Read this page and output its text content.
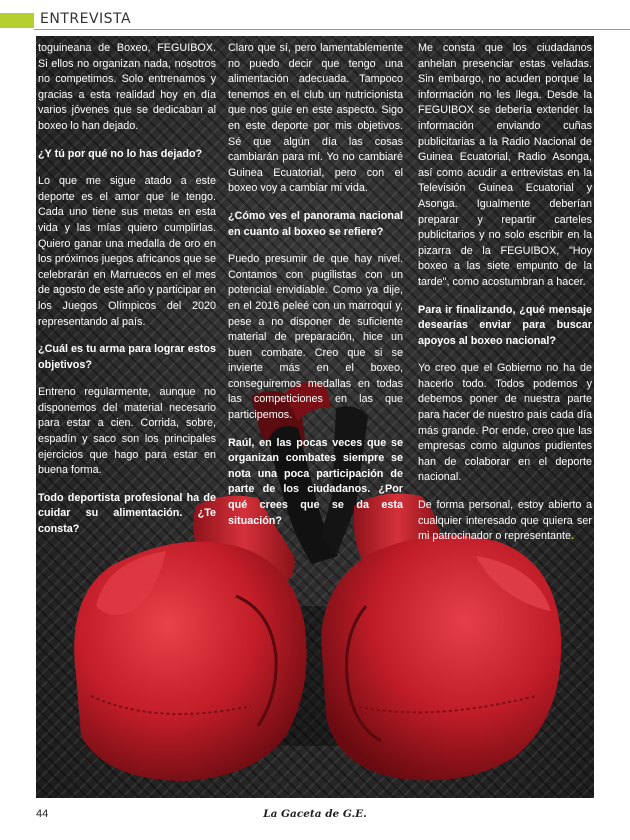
ENTREVISTA

toguineana de Boxeo, FEGUIBOX. Si ellos no organizan nada, nosotros no competimos. Solo entrenamos y gracias a esta realidad hoy en día varios jóvenes que se dedicaban al boxeo lo han dejado.

¿Y tú por qué no lo has dejado?

Lo que me sigue atado a este deporte es el amor que le tengo. Cada uno tiene sus metas en esta vida y las mías quiero cumplirlas. Quiero ganar una medalla de oro en los próximos juegos africanos que se celebrarán en Marruecos en el mes de agosto de este año y participar en los Juegos Olímpicos del 2020 representando al país.

¿Cuál es tu arma para lograr estos objetivos?

Entreno regularmente, aunque no disponemos del material necesario para estar a cien. Corrida, sobre, espadín y saco son los principales ejercicios que hago para estar en buena forma.

Todo deportista profesional ha de cuidar su alimentación. ¿Te consta?

Claro que sí, pero lamentablemente no puedo decir que tengo una alimentación adecuada. Tampoco tenemos en el club un nutricionista que nos guíe en este aspecto. Sigo en este deporte por mis objetivos. Sé que algún día las cosas cambiarán para mí. Yo no cambiaré Guinea Ecuatorial, pero con el boxeo voy a cambiar mi vida.

¿Cómo ves el panorama nacional en cuanto al boxeo se refiere?

Puedo presumir de que hay nivel. Contamos con pugilistas con un potencial envidiable. Como ya dije, en el 2016 peleé con un marroquí y, pese a no disponer de suficiente material de preparación, hice un buen combate. Creo que si se invierte más en el boxeo, conseguiremos medallas en todas las competiciones en las que participemos.

Raúl, en las pocas veces que se organizan combates siempre se nota una poca participación de parte de los ciudadanos. ¿Por qué crees que se da esta situación?

Me consta que los ciudadanos anhelan presenciar estas veladas. Sin embargo, no acuden porque la información no les llega. Desde la FEGUIBOX se debería extender la información enviando cuñas publicitarias a la Radio Nacional de Guinea Ecuatorial, Radio Asonga, así como acudir a entrevistas en la Televisión Guinea Ecuatorial y Asonga. Igualmente deberían preparar y repartir carteles publicitarios y no solo escribir en la pizarra de la FEGUIBOX, "Hoy boxeo a las siete empunto de la tarde", como acostumbran a hacer.

Para ir finalizando, ¿qué mensaje desearías enviar para buscar apoyos al boxeo nacional?

Yo creo que el Gobierno no ha de hacerlo todo. Todos podemos y debemos poner de nuestra parte para hacer de nuestro país cada día más grande. Por ende, creo que las empresas como algunos pudientes han de colaborar en el deporte nacional.

De forma personal, estoy abierto a cualquier interesado que quiera ser mi patrocinador o representante.

44	La Gaceta de G.E.
